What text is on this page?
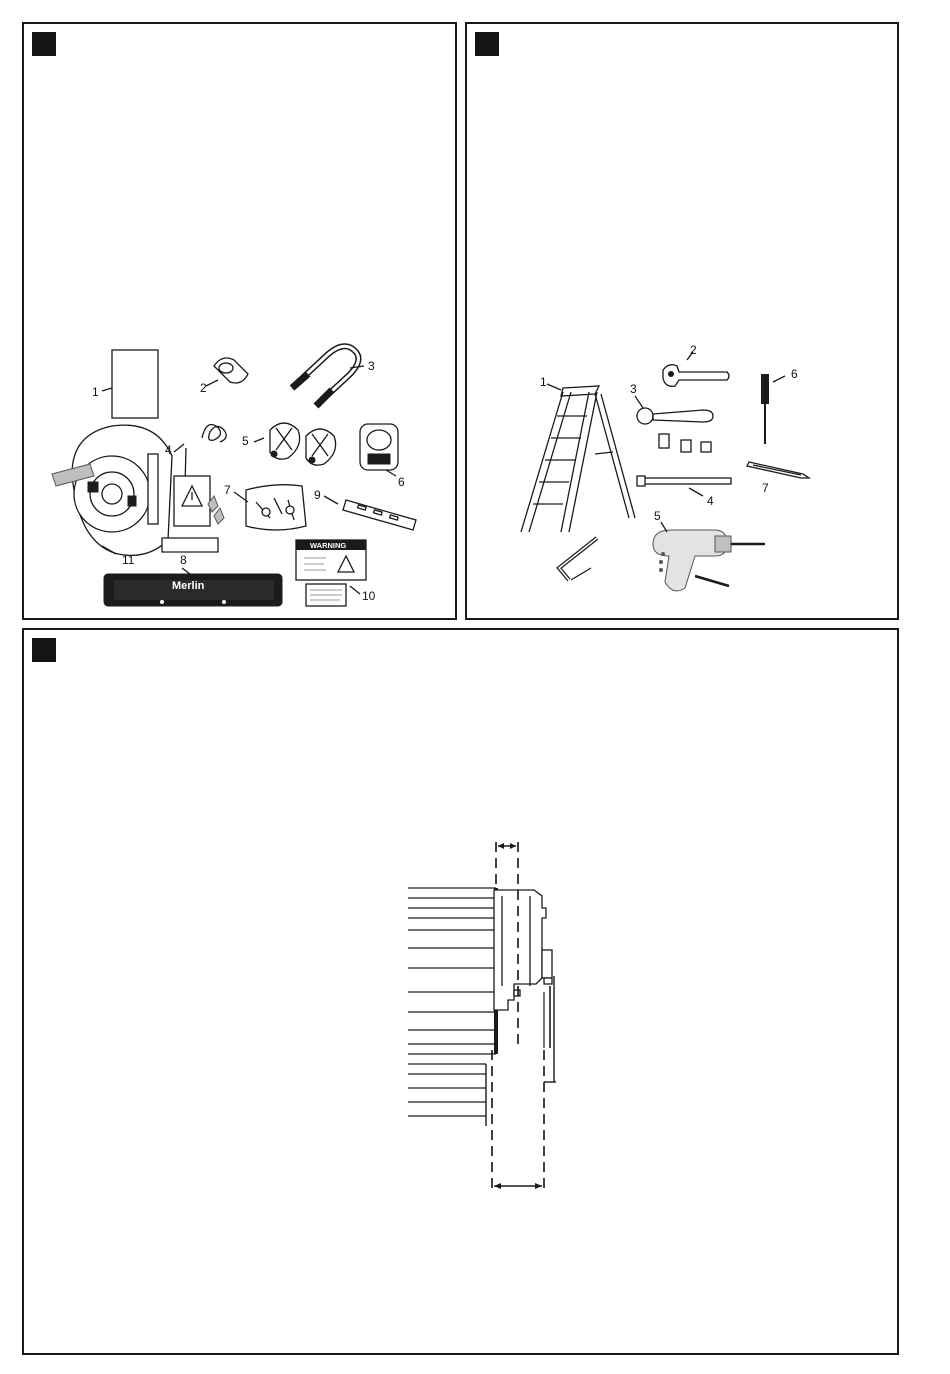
Merlin
WARNING
1	2
3
4
5
6
7
8
9
10
11
1
2
3
4
5
6
7
